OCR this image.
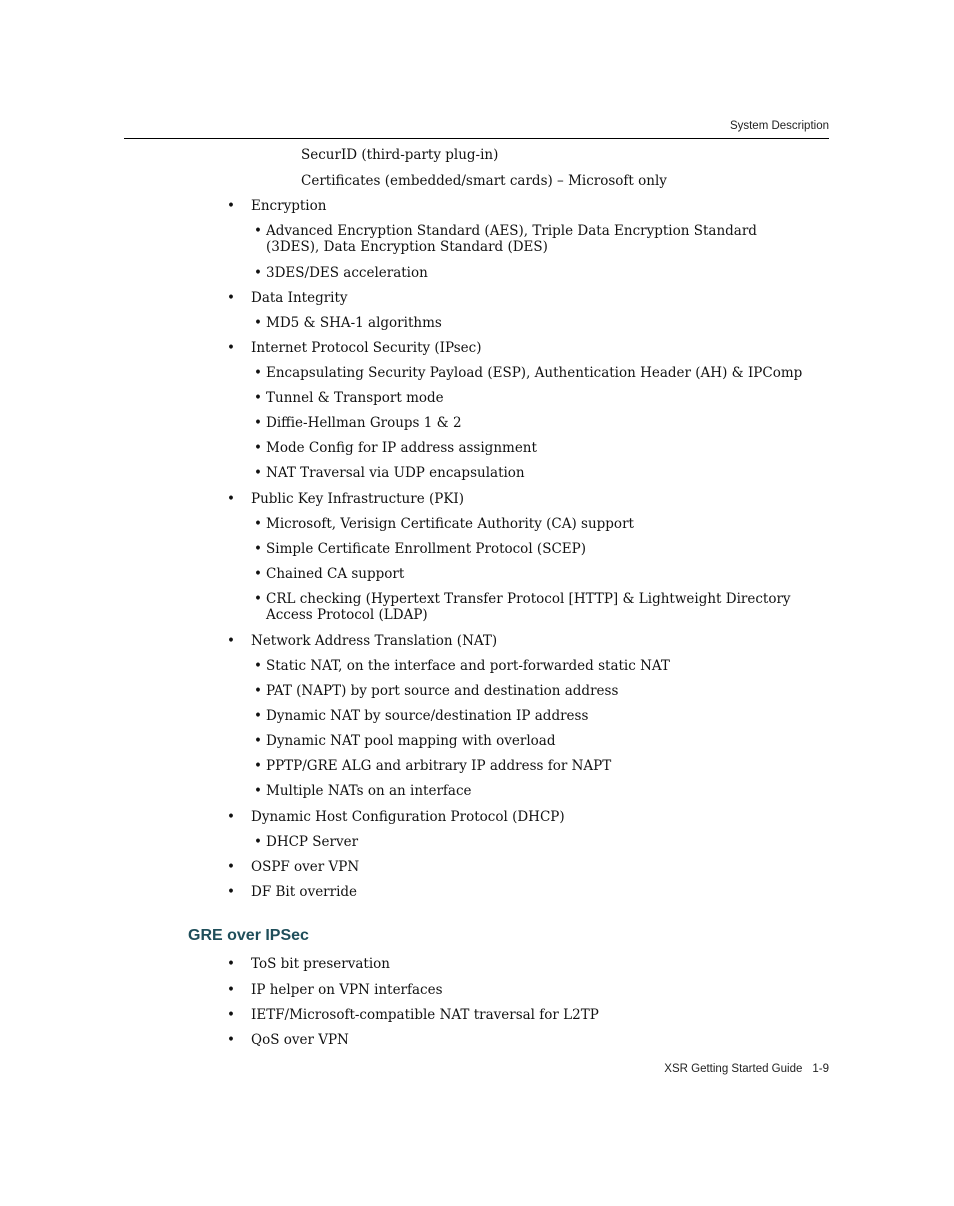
System Description
SecurID (third-party plug-in)
Certificates (embedded/smart cards) – Microsoft only
• Encryption
• Advanced Encryption Standard (AES), Triple Data Encryption Standard (3DES), Data Encryption Standard (DES)
• 3DES/DES acceleration
• Data Integrity
• MD5 & SHA-1 algorithms
• Internet Protocol Security (IPsec)
• Encapsulating Security Payload (ESP), Authentication Header (AH) & IPComp
• Tunnel & Transport mode
• Diffie-Hellman Groups 1 & 2
• Mode Config for IP address assignment
• NAT Traversal via UDP encapsulation
• Public Key Infrastructure (PKI)
• Microsoft, Verisign Certificate Authority (CA) support
• Simple Certificate Enrollment Protocol (SCEP)
• Chained CA support
• CRL checking (Hypertext Transfer Protocol [HTTP] & Lightweight Directory Access Protocol (LDAP)
• Network Address Translation (NAT)
• Static NAT, on the interface and port-forwarded static NAT
• PAT (NAPT) by port source and destination address
• Dynamic NAT by source/destination IP address
• Dynamic NAT pool mapping with overload
• PPTP/GRE ALG and arbitrary IP address for NAPT
• Multiple NATs on an interface
• Dynamic Host Configuration Protocol (DHCP)
• DHCP Server
• OSPF over VPN
• DF Bit override
GRE over IPSec
• ToS bit preservation
• IP helper on VPN interfaces
• IETF/Microsoft-compatible NAT traversal for L2TP
• QoS over VPN
XSR Getting Started Guide 1-9
